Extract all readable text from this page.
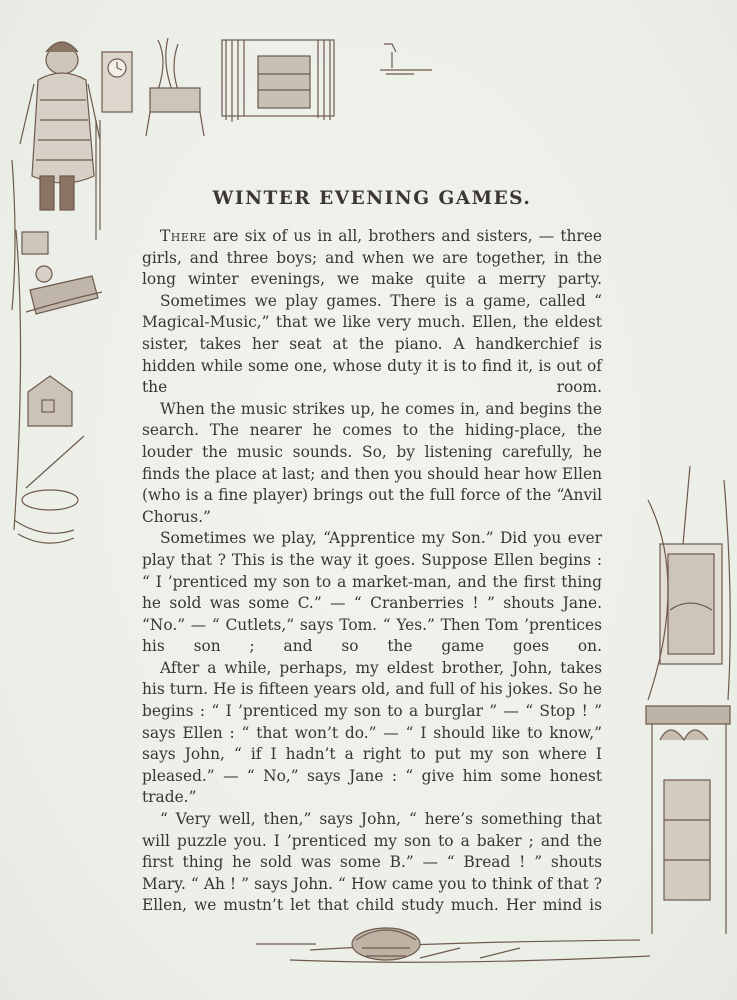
WINTER EVENING GAMES.

There are six of us in all, brothers and sisters, — three girls, and three boys; and when we are together, in the long winter evenings, we make quite a merry party.

Sometimes we play games. There is a game, called “ Magical-Music,” that we like very much. Ellen, the eldest sister, takes her seat at the piano. A handkerchief is hidden while some one, whose duty it is to find it, is out of the room.

When the music strikes up, he comes in, and begins the search. The nearer he comes to the hiding-place, the louder the music sounds. So, by listening carefully, he finds the place at last; and then you should hear how Ellen (who is a fine player) brings out the full force of the “Anvil Chorus.”

Sometimes we play, “Apprentice my Son.” Did you ever play that ? This is the way it goes. Suppose Ellen begins : “ I ’prenticed my son to a market-man, and the first thing he sold was some C.” — “ Cranberries ! ” shouts Jane. “No.” — “ Cutlets,” says Tom. “ Yes.” Then Tom ’prentices his son ; and so the game goes on.

After a while, perhaps, my eldest brother, John, takes his turn. He is fifteen years old, and full of his jokes. So he begins : “ I ’prenticed my son to a burglar ” — “ Stop ! ” says Ellen : “ that won’t do.” — “ I should like to know,” says John, “ if I hadn’t a right to put my son where I pleased.” — “ No,” says Jane : “ give him some honest trade.”

“ Very well, then,” says John, “ here’s something that will puzzle you. I ’prenticed my son to a baker ; and the first thing he sold was some B.” — “ Bread ! ” shouts Mary. “ Ah ! ” says John. “ How came you to think of that ? Ellen, we mustn’t let that child study much. Her mind is
